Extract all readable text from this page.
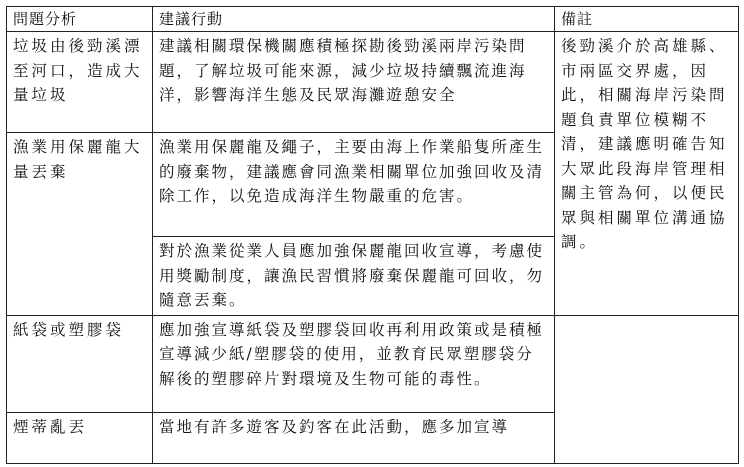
問題分析	建議行動	備註
垃圾由後勁溪漂至河口，造成大量垃圾	建議相關環保機關應積極探勘後勁溪兩岸污染問題，了解垃圾可能來源，減少垃圾持續飄流進海洋，影響海洋生態及民眾海灘遊憩安全	後勁溪介於高雄縣、市兩區交界處，因此，相關海岸污染問題負責單位模糊不清，建議應明確告知大眾此段海岸管理相關主管為何，以便民眾與相關單位溝通協調。
漁業用保麗龍大量丟棄	漁業用保麗龍及繩子，主要由海上作業船隻所產生的廢棄物，建議應會同漁業相關單位加強回收及清除工作，以免造成海洋生物嚴重的危害。	
	對於漁業從業人員應加強保麗龍回收宣導，考慮使用獎勵制度，讓漁民習慣將廢棄保麗龍可回收，勿隨意丟棄。	
紙袋或塑膠袋	應加強宣導紙袋及塑膠袋回收再利用政策或是積極宣導減少紙/塑膠袋的使用，並教育民眾塑膠袋分解後的塑膠碎片對環境及生物可能的毒性。	
煙蒂亂丟	當地有許多遊客及釣客在此活動，應多加宣導	
